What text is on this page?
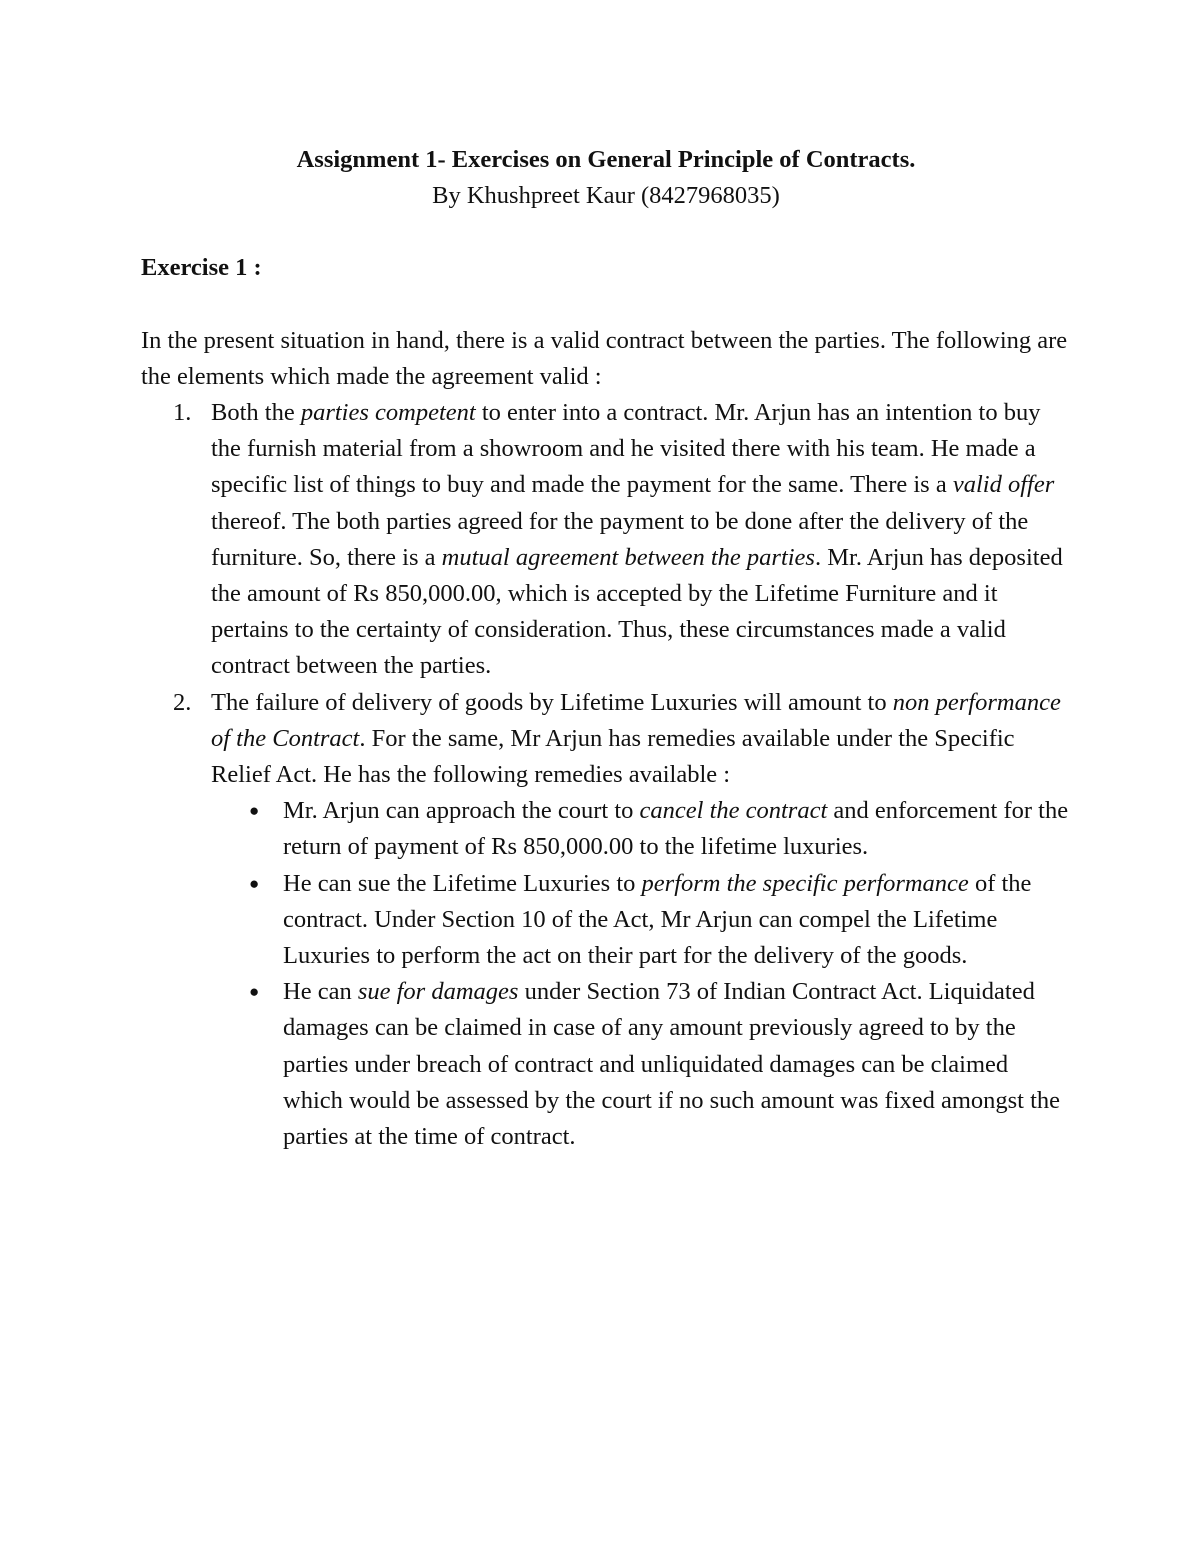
Assignment 1- Exercises on General Principle of Contracts.

By Khushpreet Kaur (8427968035)

Exercise 1 :

In the present situation in hand, there is a valid contract between the parties. The following are the elements which made the agreement valid :

1. Both the parties competent to enter into a contract. Mr. Arjun has an intention to buy the furnish material from a showroom and he visited there with his team. He made a specific list of things to buy and made the payment for the same. There is a valid offer thereof. The both parties agreed for the payment to be done after the delivery of the furniture. So, there is a mutual agreement between the parties. Mr. Arjun has deposited the amount of Rs 850,000.00, which is accepted by the Lifetime Furniture and it pertains to the certainty of consideration. Thus, these circumstances made a valid contract between the parties.
2. The failure of delivery of goods by Lifetime Luxuries will amount to non performance of the Contract. For the same, Mr Arjun has remedies available under the Specific Relief Act. He has the following remedies available :
● Mr. Arjun can approach the court to cancel the contract and enforcement for the return of payment of Rs 850,000.00 to the lifetime luxuries.
● He can sue the Lifetime Luxuries to perform the specific performance of the contract. Under Section 10 of the Act, Mr Arjun can compel the Lifetime Luxuries to perform the act on their part for the delivery of the goods.
● He can sue for damages under Section 73 of Indian Contract Act. Liquidated damages can be claimed in case of any amount previously agreed to by the parties under breach of contract and unliquidated damages can be claimed which would be assessed by the court if no such amount was fixed amongst the parties at the time of contract.
